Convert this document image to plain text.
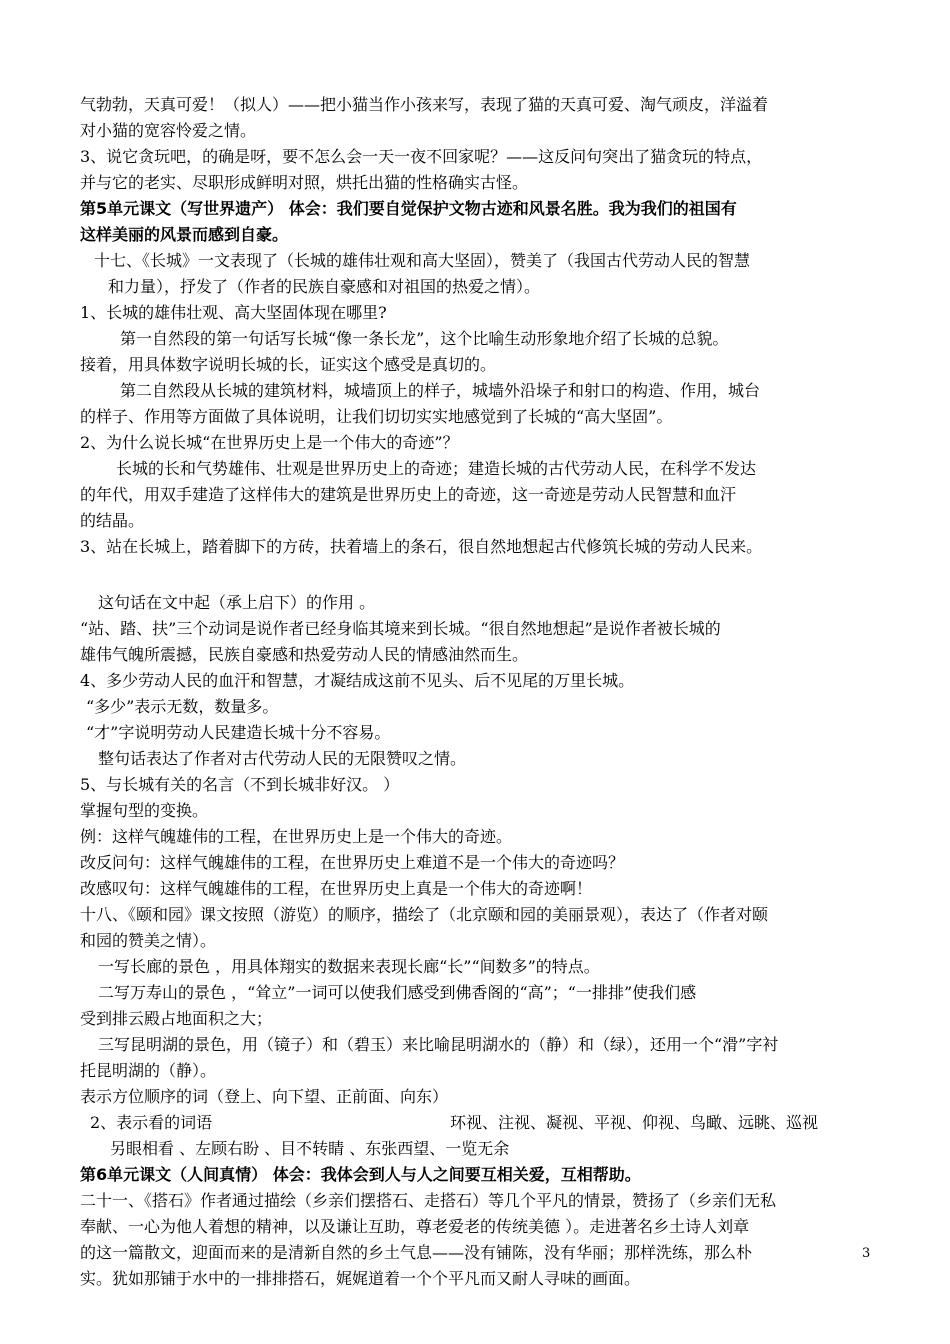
气勃勃，天真可爱！（拟人）——把小猫当作小孩来写，表现了猫的天真可爱、淘气顽皮，洋溢着
对小猫的宽容怜爱之情。
3、说它贪玩吧，的确是呀，要不怎么会一天一夜不回家呢？——这反问句突出了猫贪玩的特点，
并与它的老实、尽职形成鲜明对照，烘托出猫的性格确实古怪。
第5单元课文（写世界遗产） 体会：我们要自觉保护文物古迹和风景名胜。我为我们的祖国有
这样美丽的风景而感到自豪。
十七、《长城》一文表现了（长城的雄伟壮观和高大坚固），赞美了（我国古代劳动人民的智慧
和力量），抒发了（作者的民族自豪感和对祖国的热爱之情）。
1、长城的雄伟壮观、高大坚固体现在哪里?
第一自然段的第一句话写长城“像一条长龙”，这个比喻生动形象地介绍了长城的总貌。
接着，用具体数字说明长城的长，证实这个感受是真切的。
第二自然段从长城的建筑材料，城墙顶上的样子，城墙外沿垛子和射口的构造、作用，城台
的样子、作用等方面做了具体说明，让我们切切实实地感觉到了长城的“高大坚固”。
2、为什么说长城“在世界历史上是一个伟大的奇迹”？
长城的长和气势雄伟、壮观是世界历史上的奇迹；建造长城的古代劳动人民，在科学不发达
的年代，用双手建造了这样伟大的建筑是世界历史上的奇迹，这一奇迹是劳动人民智慧和血汗
的结晶。
3、站在长城上，踏着脚下的方砖，扶着墙上的条石，很自然地想起古代修筑长城的劳动人民来。
这句话在文中起（承上启下）的作用 。
“站、踏、扶”三个动词是说作者已经身临其境来到长城。“很自然地想起”是说作者被长城的
雄伟气魄所震撼，民族自豪感和热爱劳动人民的情感油然而生。
4、多少劳动人民的血汗和智慧，才凝结成这前不见头、后不见尾的万里长城。
“多少”表示无数，数量多。
“才”字说明劳动人民建造长城十分不容易。
整句话表达了作者对古代劳动人民的无限赞叹之情。
5、与长城有关的名言（不到长城非好汉。 ）
掌握句型的变换。
例：这样气魄雄伟的工程，在世界历史上是一个伟大的奇迹。
改反问句：这样气魄雄伟的工程，在世界历史上难道不是一个伟大的奇迹吗？
改感叹句：这样气魄雄伟的工程，在世界历史上真是一个伟大的奇迹啊！
十八、《颐和园》课文按照（游览）的顺序，描绘了（北京颐和园的美丽景观），表达了（作者对颐
和园的赞美之情）。
一写长廊的景色 ，用具体翔实的数据来表现长廊“长”“间数多”的特点。
二写万寿山的景色 ，“耸立”一词可以使我们感受到佛香阁的“高”；“一排排”使我们感
受到排云殿占地面积之大；
三写昆明湖的景色，用（镜子）和（碧玉）来比喻昆明湖水的（静）和（绿），还用一个“滑”字衬
托昆明湖的（静）。
表示方位顺序的词（登上、向下望、正前面、向东）
2、表示看的词语	环视、注视、凝视、平视、仰视、鸟瞰、远眺、巡视
另眼相看 、左顾右盼 、目不转睛 、东张西望、一览无余
第6单元课文（人间真情） 体会：我体会到人与人之间要互相关爱，互相帮助。
二十一、《搭石》作者通过描绘（乡亲们摆搭石、走搭石）等几个平凡的情景，赞扬了（乡亲们无私
奉献、一心为他人着想的精神，以及谦让互助，尊老爱老的传统美德 ）。走进著名乡土诗人刘章
的这一篇散文，迎面而来的是清新自然的乡土气息——没有铺陈，没有华丽；那样洗练，那么朴
实。犹如那铺于水中的一排排搭石，娓娓道着一个个平凡而又耐人寻味的画面。
3
